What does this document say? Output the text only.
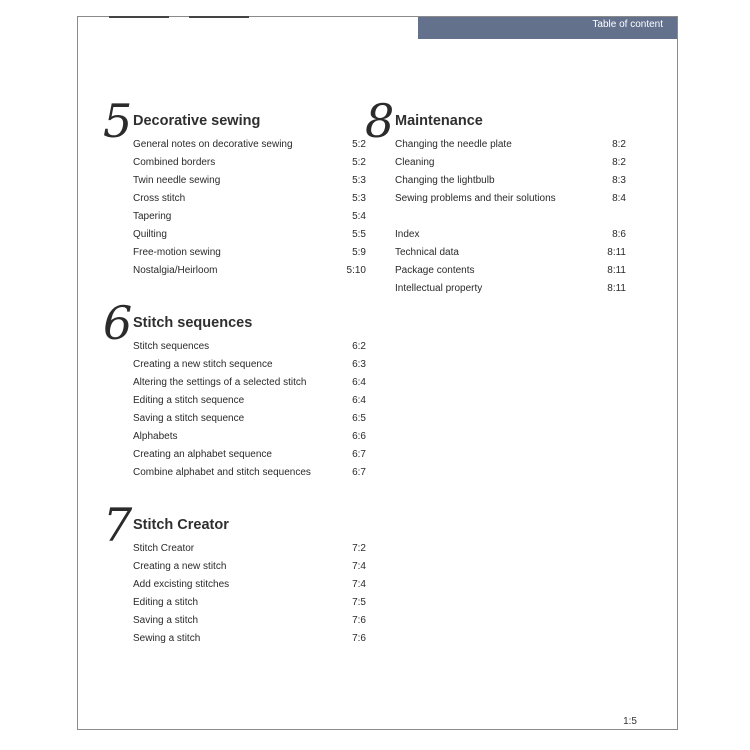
Table of content
5 Decorative sewing
General notes on decorative sewing	5:2
Combined borders	5:2
Twin needle sewing	5:3
Cross stitch	5:3
Tapering	5:4
Quilting	5:5
Free-motion sewing	5:9
Nostalgia/Heirloom	5:10
6 Stitch sequences
Stitch sequences	6:2
Creating a new stitch sequence	6:3
Altering the settings of a selected stitch	6:4
Editing a stitch sequence	6:4
Saving a stitch sequence	6:5
Alphabets	6:6
Creating an alphabet sequence	6:7
Combine alphabet and stitch sequences	6:7
7 Stitch Creator
Stitch Creator	7:2
Creating a new stitch	7:4
Add excisting stitches	7:4
Editing a stitch	7:5
Saving a stitch	7:6
Sewing a stitch	7:6
8 Maintenance
Changing the needle plate	8:2
Cleaning	8:2
Changing the lightbulb	8:3
Sewing problems and their solutions	8:4
Index	8:6
Technical data	8:11
Package contents	8:11
Intellectual property	8:11
1:5
